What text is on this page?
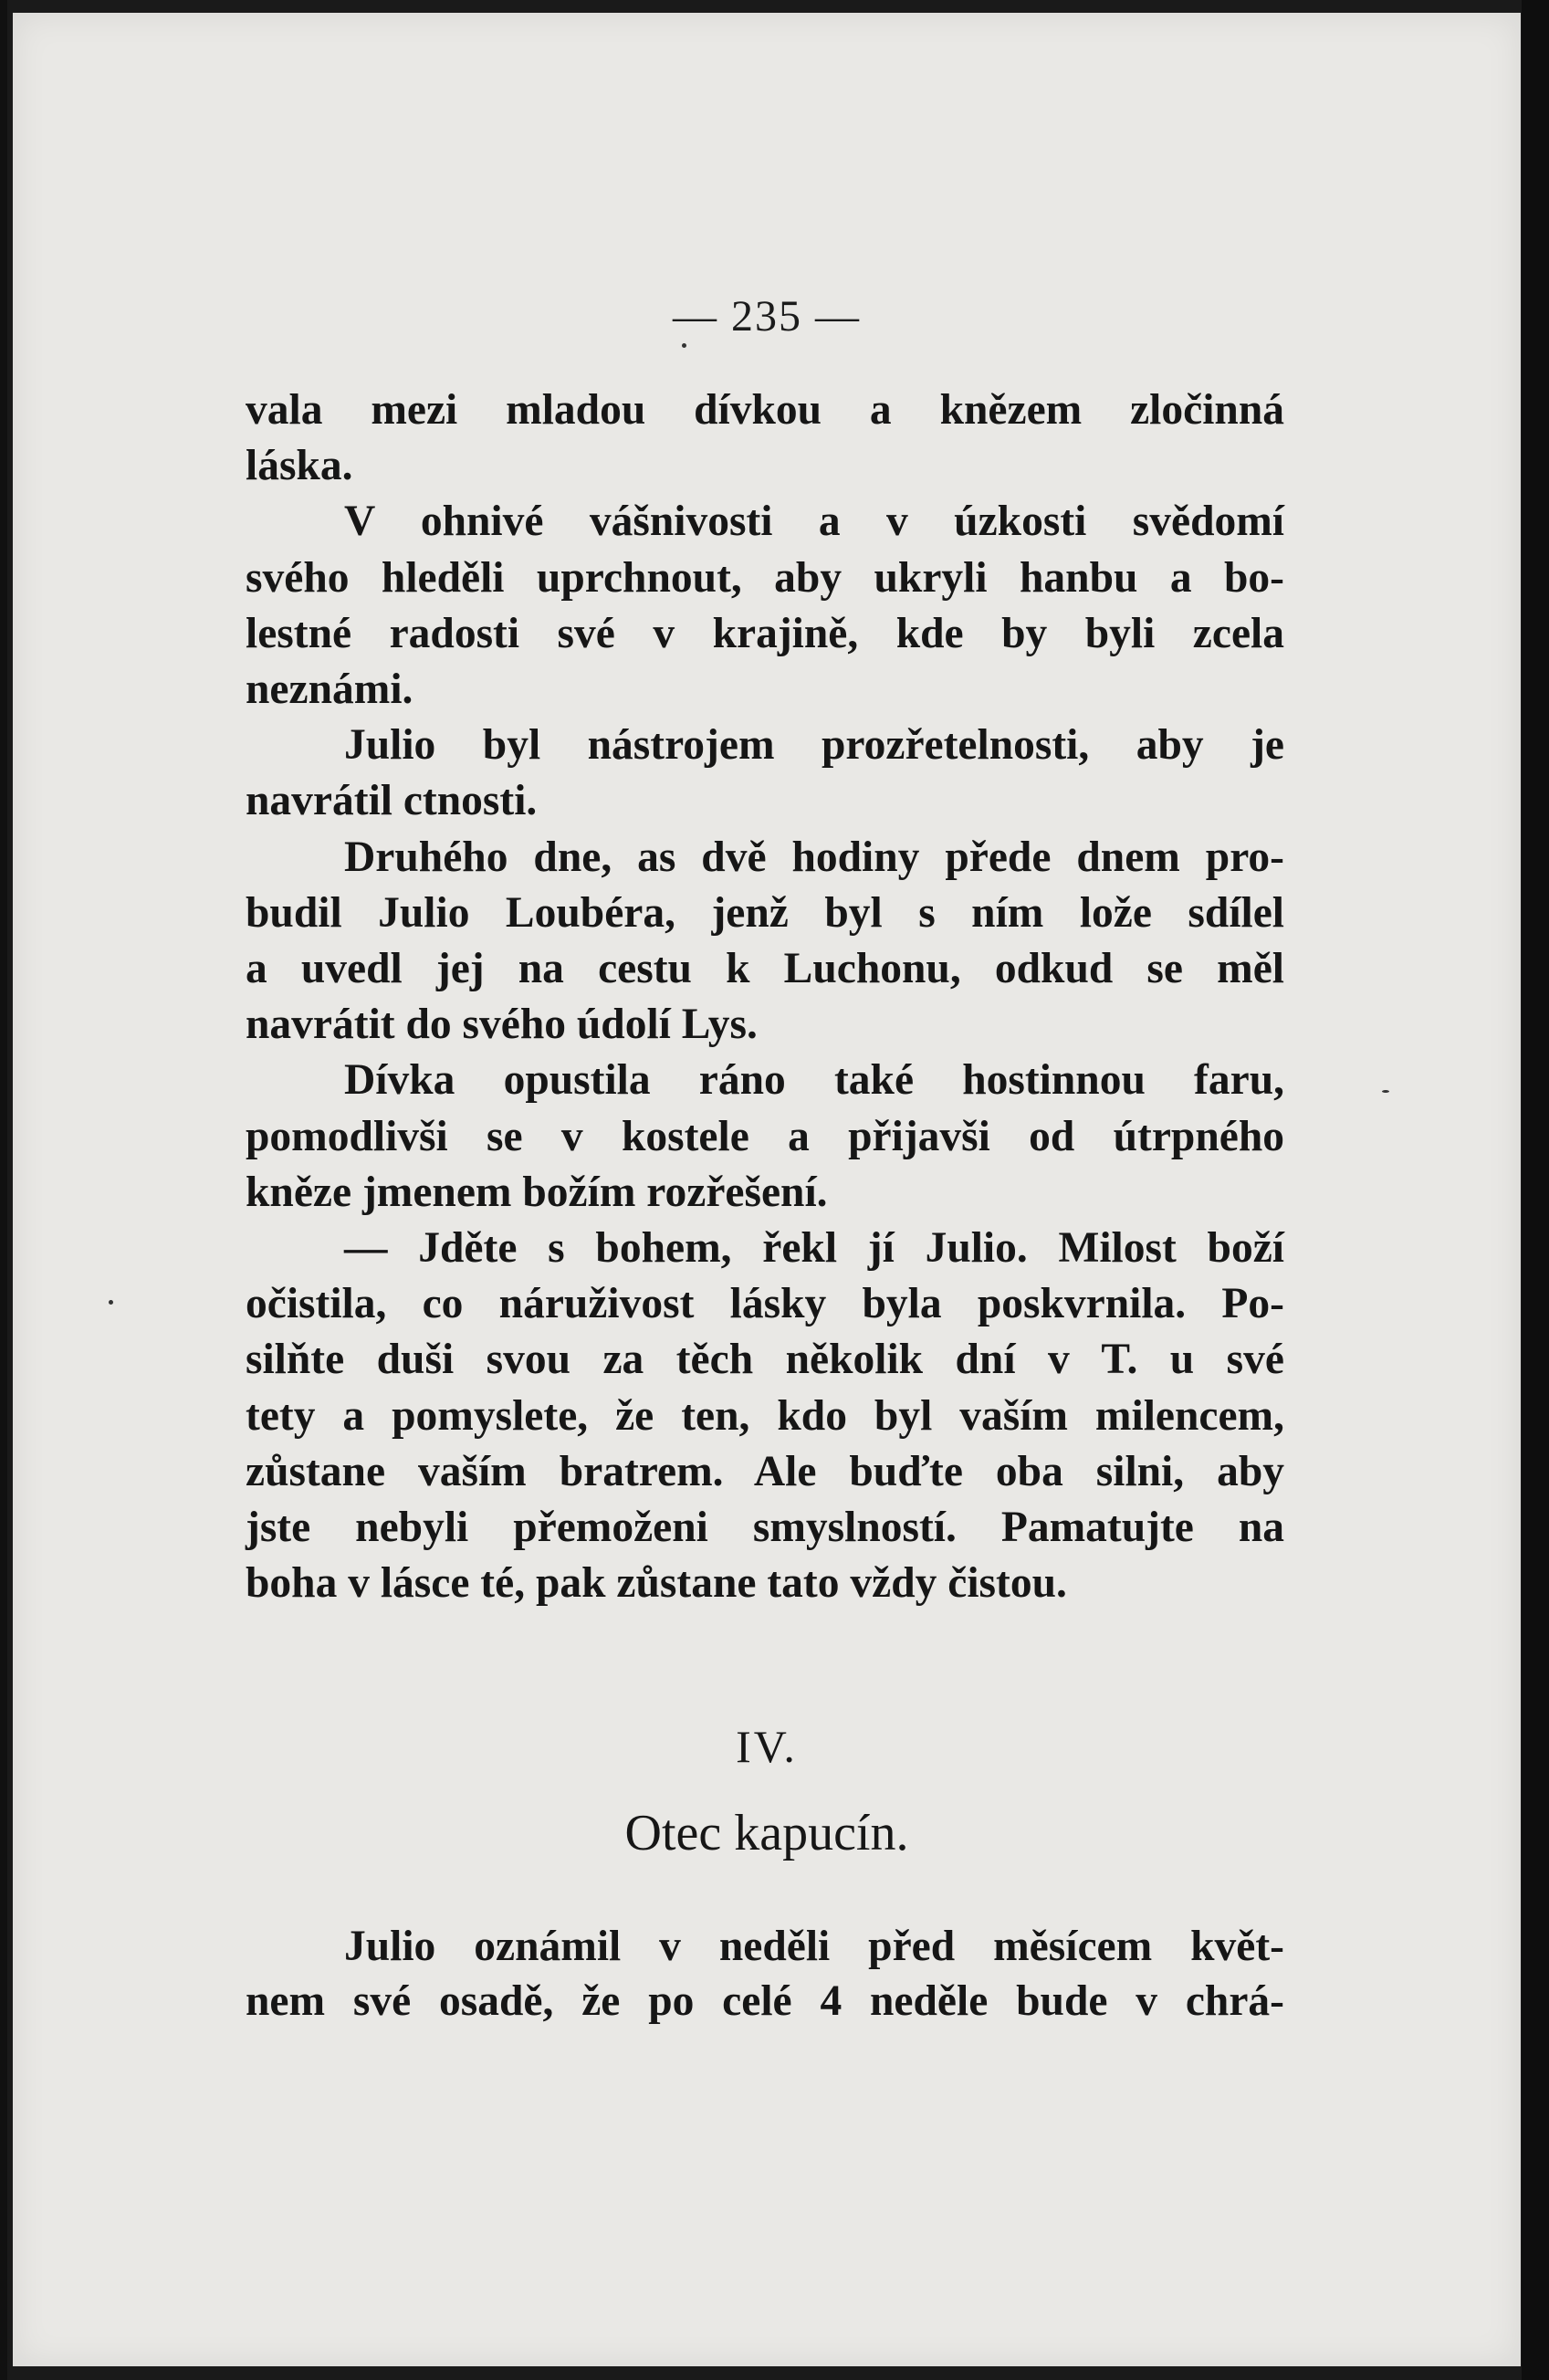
— 235 —
vala mezi mladou dívkou a knězem zločinná
láska.
V ohnivé vášnivosti a v úzkosti svědomí
svého hleděli uprchnout, aby ukryli hanbu a bo-
lestné radosti své v krajině, kde by byli zcela
neznámi.
Julio byl nástrojem prozřetelnosti, aby je
navrátil ctnosti.
Druhého dne, as dvě hodiny přede dnem pro-
budil Julio Loubéra, jenž byl s ním lože sdílel
a uvedl jej na cestu k Luchonu, odkud se měl
navrátit do svého údolí Lys.
Dívka opustila ráno také hostinnou faru,
pomodlivši se v kostele a přijavši od útrpného
kněze jmenem božím rozřešení.
— Jděte s bohem, řekl jí Julio. Milost boží
očistila, co náruživost lásky byla poskvrnila. Po-
silňte duši svou za těch několik dní v T. u své
tety a pomyslete, že ten, kdo byl vaším milencem,
zůstane vaším bratrem. Ale buďte oba silni, aby
jste nebyli přemoženi smyslností. Pamatujte na
boha v lásce té, pak zůstane tato vždy čistou.
IV.
Otec kapucín.
Julio oznámil v neděli před měsícem květ-
nem své osadě, že po celé 4 neděle bude v chrá-
